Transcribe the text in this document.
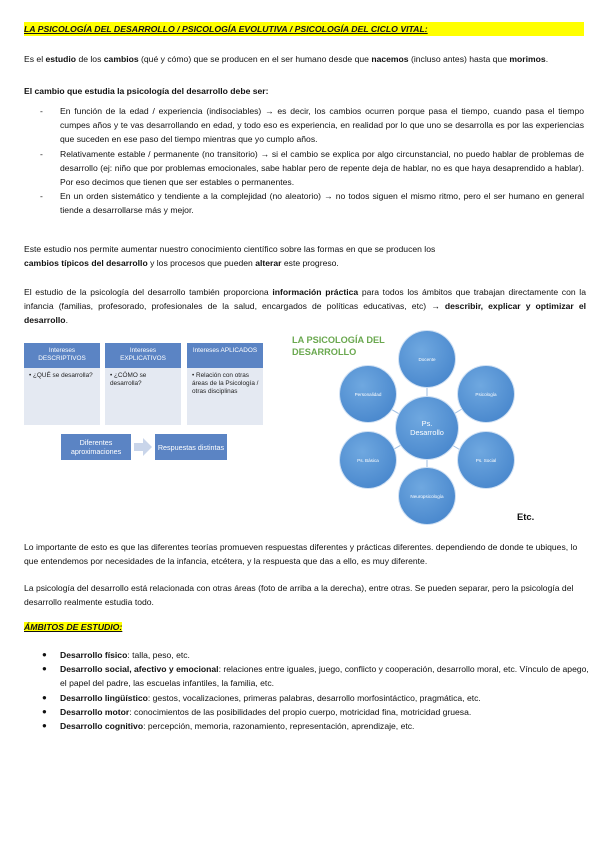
LA PSICOLOGÍA DEL DESARROLLO / PSICOLOGÍA EVOLUTIVA / PSICOLOGÍA DEL CICLO VITAL:

Es el estudio de los cambios (qué y cómo) que se producen en el ser humano desde que nacemos (incluso antes) hasta que morimos.

El cambio que estudia la psicología del desarrollo debe ser:

- En función de la edad / experiencia (indisociables) → es decir, los cambios ocurren porque pasa el tiempo, cuando pasa el tiempo cumpes años y te vas desarrollando en edad, y todo eso es experiencia, en realidad por lo que uno se desarrolla es por las experiencias que suceden en ese paso del tiempo mientras que yo cumplo años.
- Relativamente estable / permanente (no transitorio) → si el cambio se explica por algo circunstancial, no puedo hablar de problemas de desarrollo (ej: niño que por problemas emocionales, sabe hablar pero de repente deja de hablar, no es que haya desaprendido a hablar). Por eso decimos que tienen que ser estables o permanentes.
- En un orden sistemático y tendiente a la complejidad (no aleatorio) → no todos siguen el mismo ritmo, pero el ser humano en general tiende a desarrollarse más y mejor.

Este estudio nos permite aumentar nuestro conocimiento científico sobre las formas en que se producen los
cambios típicos del desarrollo y los procesos que pueden alterar este progreso.

El estudio de la psicología del desarrollo también proporciona información práctica para todos los ámbitos que trabajan directamente con la infancia (familias, profesorado, profesionales de la salud, encargados de políticas educativas, etc) → describir, explicar y optimizar el desarrollo.

Intereses DESCRIPTIVOS
• ¿QUÉ se desarrolla?
Intereses EXPLICATIVOS
• ¿CÓMO se desarrolla?
Intereses APLICADOS
• Relación con otras áreas de la Psicología / otras disciplinas
Diferentes aproximaciones	Respuestas distintas
LA PSICOLOGÍA DEL
DESARROLLO
Docente
Psicología
Ps. Social
Neuropsicología
Ps. Básica
Personalidad
Ps.
Desarrollo
Etc.

Lo importante de esto es que las diferentes teorías promueven respuestas diferentes y prácticas diferentes. dependiendo de donde te ubiques, lo que entendemos por necesidades de la infancia, etcétera, y la respuesta que das a ello, es muy diferente.

La psicología del desarrollo está relacionada con otras áreas (foto de arriba a la derecha), entre otras. Se pueden separar, pero la psicología del desarrollo realmente estudia todo.

ÁMBITOS DE ESTUDIO:
● Desarrollo físico: talla, peso, etc.
● Desarrollo social, afectivo y emocional: relaciones entre iguales, juego, conflicto y cooperación, desarrollo moral, etc. Vínculo de apego, el papel del padre, las escuelas infantiles, la familia, etc.
● Desarrollo lingüístico: gestos, vocalizaciones, primeras palabras, desarrollo morfosintáctico, pragmática, etc.
● Desarrollo motor: conocimientos de las posibilidades del propio cuerpo, motricidad fina, motricidad gruesa.
● Desarrollo cognitivo: percepción, memoria, razonamiento, representación, aprendizaje, etc.
